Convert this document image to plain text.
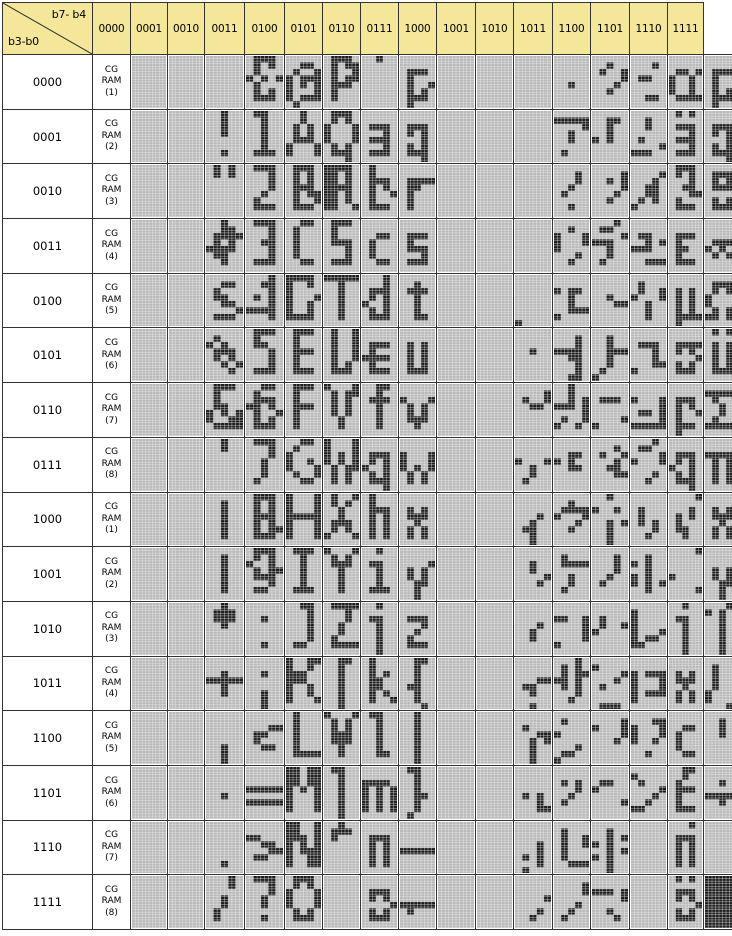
b7- b4
b3-b0	0000	0001	0010	0011	0100	0101	0110	0111	1000	1001	1010	1011	1100	1101	1110	1111	
0000	CG
RAM
(1)

0001	CG
RAM
(2)

0010	CG
RAM
(3)

0011	CG
RAM
(4)

0100	CG
RAM
(5)

0101	CG
RAM
(6)

0110	CG
RAM
(7)

0111	CG
RAM
(8)

1000	CG
RAM
(1)

1001	CG
RAM
(2)

1010	CG
RAM
(3)

1011	CG
RAM
(4)

1100	CG
RAM
(5)

1101	CG
RAM
(6)

1110	CG
RAM
(7)

1111	CG
RAM
(8)
